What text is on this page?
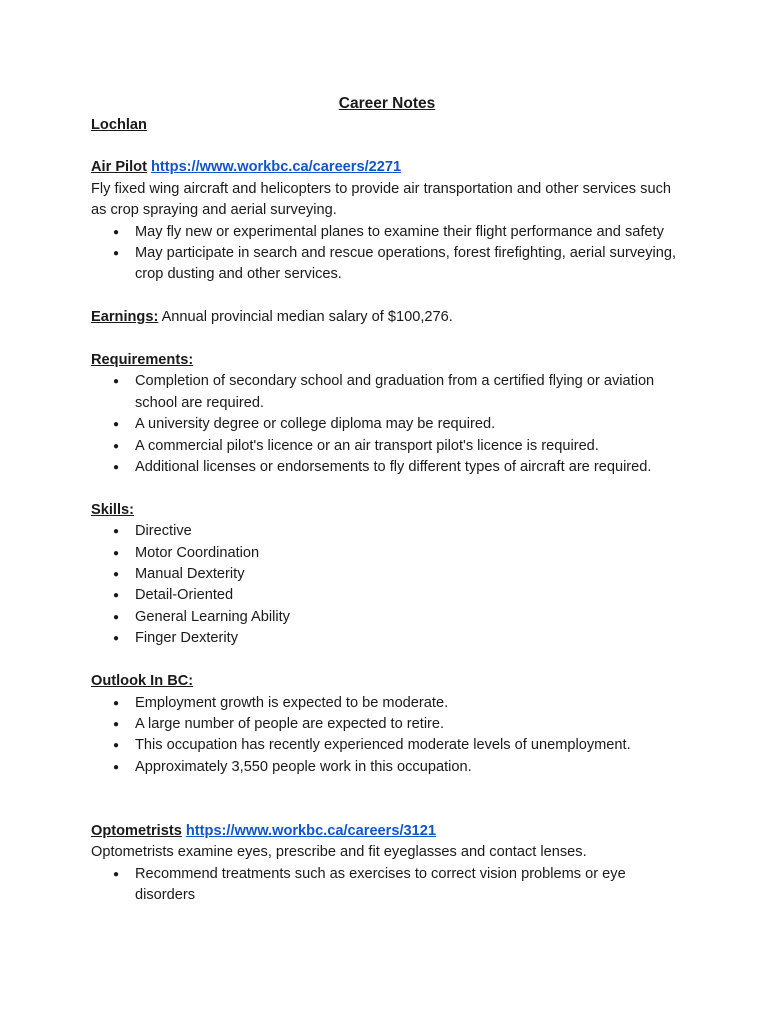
Career Notes

Lochlan

Air Pilot https://www.workbc.ca/careers/2271

Fly fixed wing aircraft and helicopters to provide air transportation and other services such as crop spraying and aerial surveying.

● May fly new or experimental planes to examine their flight performance and safety
● May participate in search and rescue operations, forest firefighting, aerial surveying, crop dusting and other services.

Earnings: Annual provincial median salary of $100,276.

Requirements:

● Completion of secondary school and graduation from a certified flying or aviation school are required.
● A university degree or college diploma may be required.
● A commercial pilot's licence or an air transport pilot's licence is required.
● Additional licenses or endorsements to fly different types of aircraft are required.

Skills:

● Directive
● Motor Coordination
● Manual Dexterity
● Detail-Oriented
● General Learning Ability
● Finger Dexterity

Outlook In BC:

● Employment growth is expected to be moderate.
● A large number of people are expected to retire.
● This occupation has recently experienced moderate levels of unemployment.
● Approximately 3,550 people work in this occupation.

Optometrists https://www.workbc.ca/careers/3121

Optometrists examine eyes, prescribe and fit eyeglasses and contact lenses.

● Recommend treatments such as exercises to correct vision problems or eye disorders
